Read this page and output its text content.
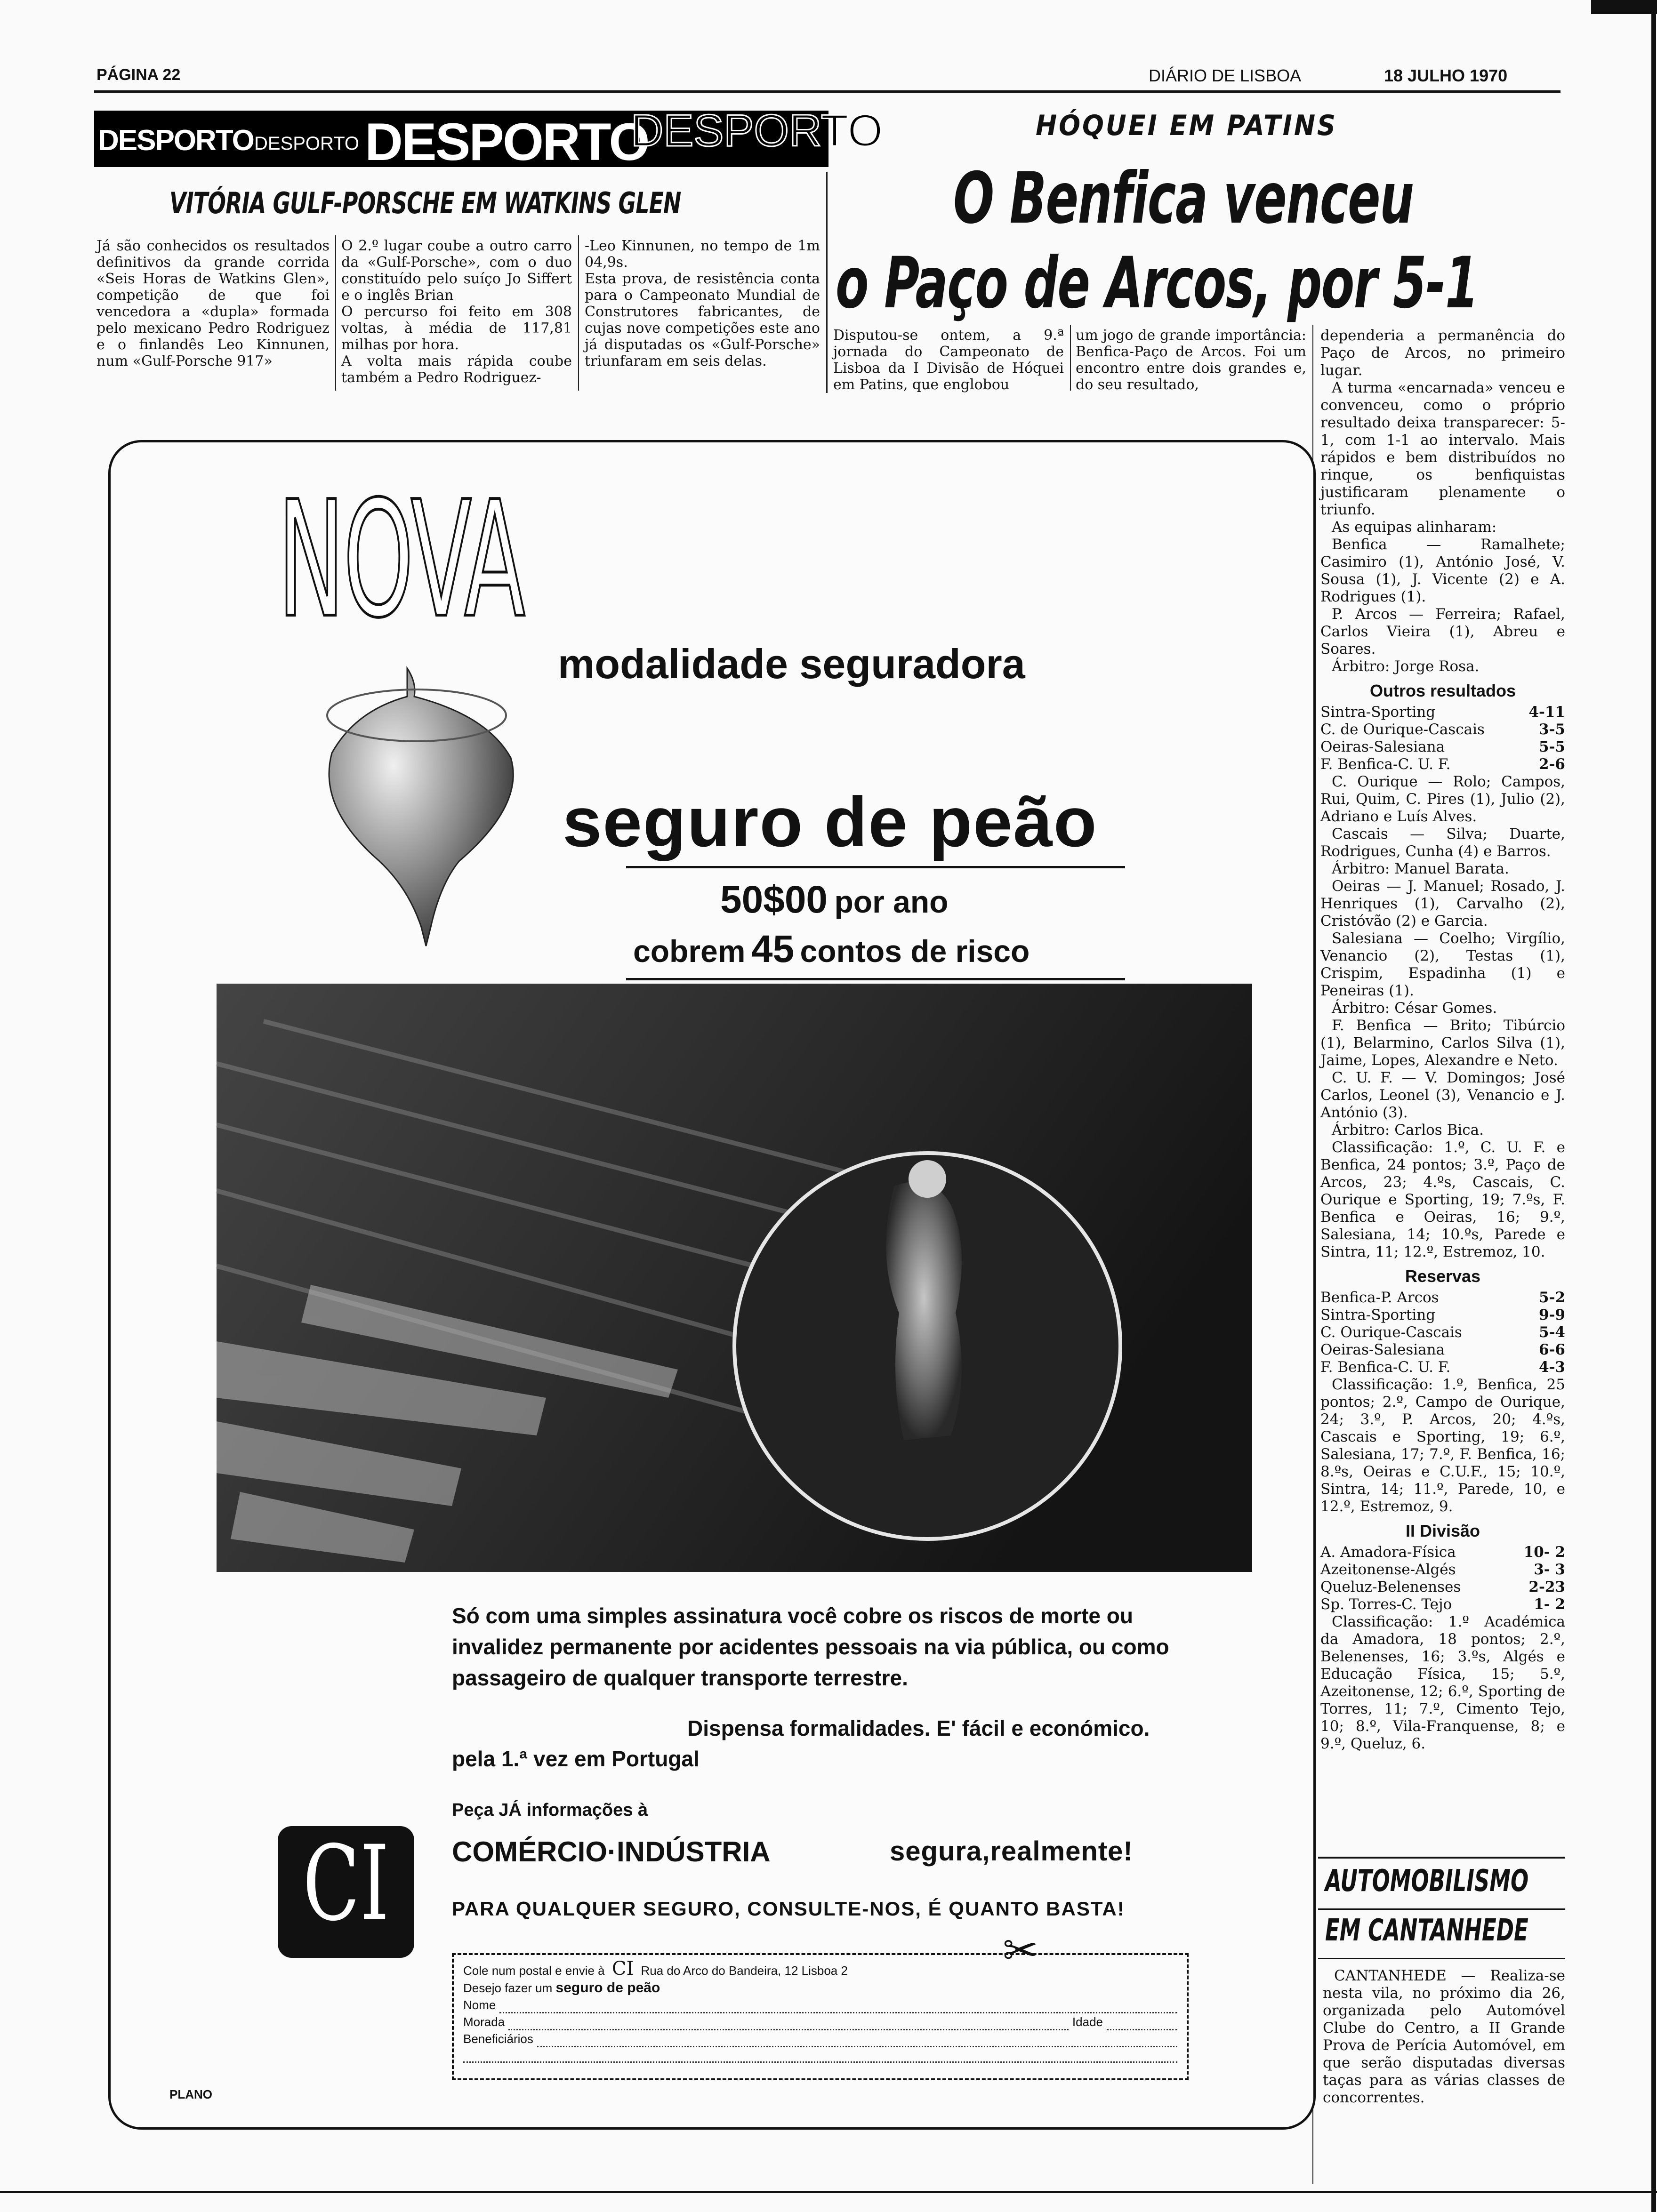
PÁGINA 22	DIÁRIO DE LISBOA	18 JULHO 1970
DESPORTO DESPORTO DESPORTO
DESPORTO
VITÓRIA GULF-PORSCHE EM WATKINS GLEN
Já são conhecidos os resultados definitivos da grande corrida «Seis Horas de Watkins Glen», competição de que foi vencedora a «dupla» formada pelo mexicano Pedro Rodriguez e o finlandês Leo Kinnunen, num «Gulf-Porsche 917»
O 2.º lugar coube a outro carro da «Gulf-Porsche», com o duo constituído pelo suíço Jo Siffert e o inglês Brian
O percurso foi feito em 308 voltas, à média de 117,81 milhas por hora.
A volta mais rápida coube também a Pedro Rodriguez-
-Leo Kinnunen, no tempo de 1m 04,9s.
Esta prova, de resistência conta para o Campeonato Mundial de Construtores fabricantes, de cujas nove competições este ano já disputadas os «Gulf-Porsche» triunfaram em seis delas.
HÓQUEI EM PATINS
O Benfica venceu
o Paço de Arcos, por 5-1
Disputou-se ontem, a 9.ª jornada do Campeonato de Lisboa da I Divisão de Hóquei em Patins, que englobou
um jogo de grande importância: Benfica-Paço de Arcos. Foi um encontro entre dois grandes e, do seu resultado,

dependeria a permanência do Paço de Arcos, no primeiro lugar.

A turma «encarnada» venceu e convenceu, como o próprio resultado deixa transparecer: 5-1, com 1-1 ao intervalo. Mais rápidos e bem distribuídos no rinque, os benfiquistas justificaram plenamente o triunfo.

As equipas alinharam:

Benfica — Ramalhete; Casimiro (1), António José, V. Sousa (1), J. Vicente (2) e A. Rodrigues (1).

P. Arcos — Ferreira; Rafael, Carlos Vieira (1), Abreu e Soares.

Árbitro: Jorge Rosa.

Outros resultados
Sintra-Sporting	4-11
C. de Ourique-Cascais	3-5
Oeiras-Salesiana	5-5
F. Benfica-C. U. F.	2-6

C. Ourique — Rolo; Campos, Rui, Quim, C. Pires (1), Julio (2), Adriano e Luís Alves.

Cascais — Silva; Duarte, Rodrigues, Cunha (4) e Barros.

Árbitro: Manuel Barata.

Oeiras — J. Manuel; Rosado, J. Henriques (1), Carvalho (2), Cristóvão (2) e Garcia.

Salesiana — Coelho; Virgílio, Venancio (2), Testas (1), Crispim, Espadinha (1) e Peneiras (1).

Árbitro: César Gomes.

F. Benfica — Brito; Tibúrcio (1), Belarmino, Carlos Silva (1), Jaime, Lopes, Alexandre e Neto.

C. U. F. — V. Domingos; José Carlos, Leonel (3), Venancio e J. António (3).

Árbitro: Carlos Bica.

Classificação: 1.º, C. U. F. e Benfica, 24 pontos; 3.º, Paço de Arcos, 23; 4.ºs, Cascais, C. Ourique e Sporting, 19; 7.ºs, F. Benfica e Oeiras, 16; 9.º, Salesiana, 14; 10.ºs, Parede e Sintra, 11; 12.º, Estremoz, 10.

Reservas
Benfica-P. Arcos	5-2
Sintra-Sporting	9-9
C. Ourique-Cascais	5-4
Oeiras-Salesiana	6-6
F. Benfica-C. U. F.	4-3

Classificação: 1.º, Benfica, 25 pontos; 2.º, Campo de Ourique, 24; 3.º, P. Arcos, 20; 4.ºs, Cascais e Sporting, 19; 6.º, Salesiana, 17; 7.º, F. Benfica, 16; 8.ºs, Oeiras e C.U.F., 15; 10.º, Sintra, 14; 11.º, Parede, 10, e 12.º, Estremoz, 9.

II Divisão
A. Amadora-Física	10- 2
Azeitonense-Algés	3- 3
Queluz-Belenenses	2-23
Sp. Torres-C. Tejo	1- 2

Classificação: 1.º Académica da Amadora, 18 pontos; 2.º, Belenenses, 16; 3.ºs, Algés e Educação Física, 15; 5.º, Azeitonense, 12; 6.º, Sporting de Torres, 11; 7.º, Cimento Tejo, 10; 8.º, Vila-Franquense, 8; e 9.º, Queluz, 6.

AUTOMOBILISMO
EM CANTANHEDE
CANTANHEDE — Realiza-se nesta vila, no próximo dia 26, organizada pelo Automóvel Clube do Centro, a II Grande Prova de Perícia Automóvel, em que serão disputadas diversas taças para as várias classes de concorrentes.
NOVA
modalidade seguradora
seguro de peão
50$00 por ano
cobrem 45 contos de risco
Só com uma simples assinatura você cobre os riscos de morte ou invalidez permanente por acidentes pessoais na via pública, ou como passageiro de qualquer transporte terrestre.
Dispensa formalidades. E' fácil e económico.
pela 1.ª vez em Portugal
Peça JÁ informações à
CI COMÉRCIO·INDÚSTRIA	segura,realmente!
PARA QUALQUER SEGURO, CONSULTE-NOS, É QUANTO BASTA!
✂
Cole num postal e envie à CI Rua do Arco do Bandeira, 12 Lisboa 2
Desejo fazer um seguro de peão
Nome
Morada	Idade
Beneficiários
PLANO
